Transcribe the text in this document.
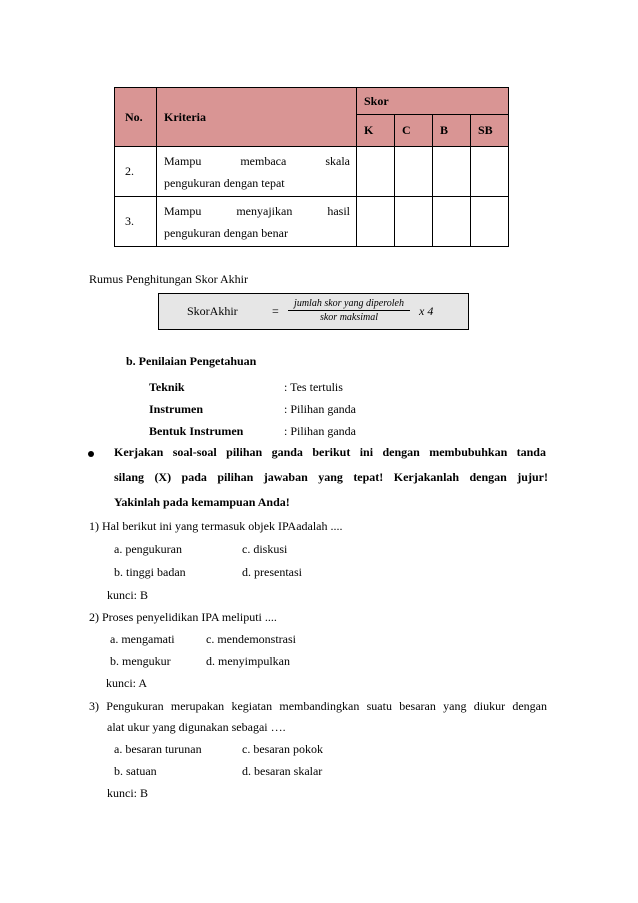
No.	Kriteria	Skor			
		K	C	B	SB
2.	Mampu membaca skala
pengukuran dengan tepat				

3.	Mampu menyajikan hasil
pengukuran dengan benar				

Rumus Penghitungan Skor Akhir
SkorAkhir	=
jumlah skor yang diperoleh
skor maksimal	x 4
b. Penilaian Pengetahuan
Teknik	: Tes tertulis
Instrumen	: Pilihan ganda
Bentuk Instrumen	: Pilihan ganda
Kerjakan soal-soal pilihan ganda berikut ini dengan membubuhkan tanda
silang (X) pada pilihan jawaban yang tepat! Kerjakanlah dengan jujur!
Yakinlah pada kemampuan Anda!
1) Hal berikut ini yang termasuk objek IPAadalah ....
a. pengukuran	c. diskusi
b. tinggi badan	d. presentasi
kunci: B
2) Proses penyelidikan IPA meliputi ....
a. mengamati	c. mendemonstrasi
b. mengukur	d. menyimpulkan
kunci: A
3) Pengukuran merupakan kegiatan membandingkan suatu besaran yang diukur dengan
alat ukur yang digunakan sebagai ….
a. besaran turunan	c. besaran pokok
b. satuan	d. besaran skalar
kunci: B
